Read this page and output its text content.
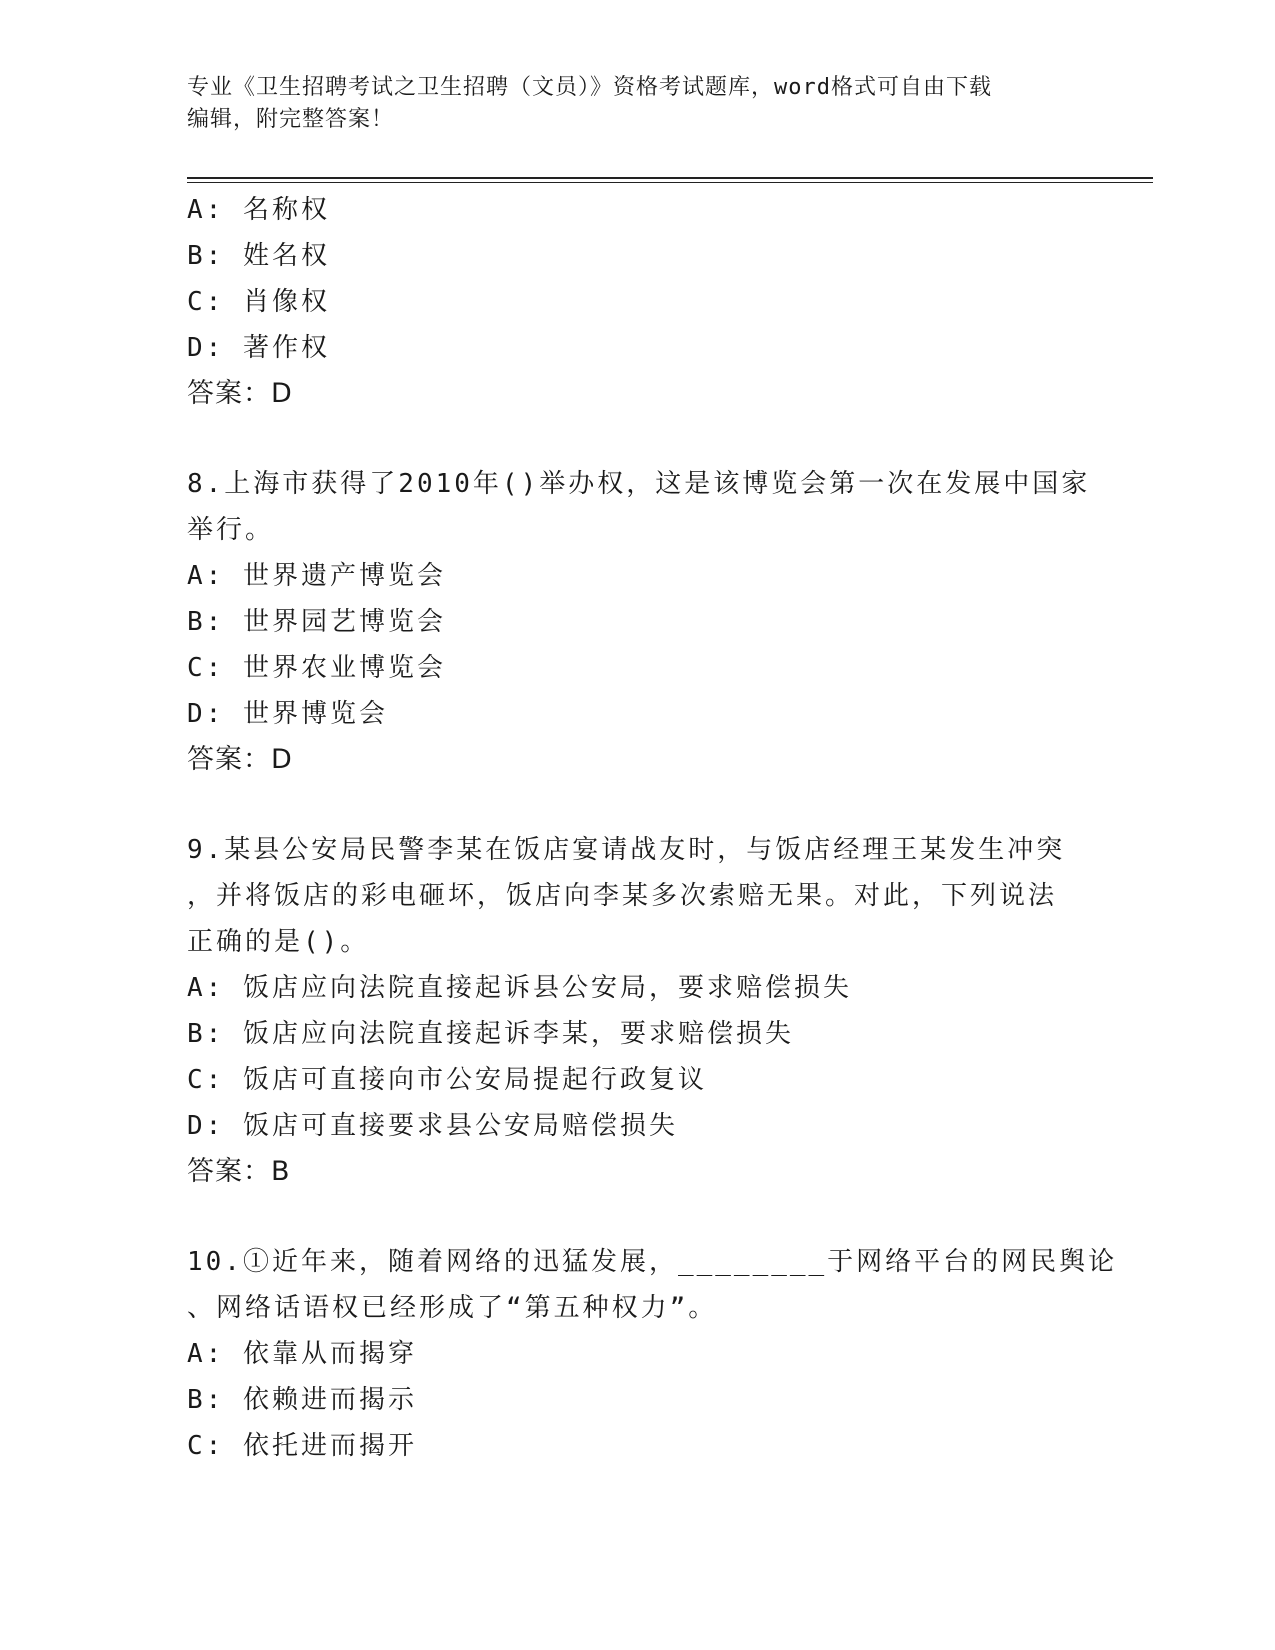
专业《卫生招聘考试之卫生招聘（文员）》资格考试题库，word格式可自由下载
编辑，附完整答案！
A: 名称权
B: 姓名权
C: 肖像权
D: 著作权
答案：D
8.上海市获得了2010年()举办权，这是该博览会第一次在发展中国家
举行。
A: 世界遗产博览会
B: 世界园艺博览会
C: 世界农业博览会
D: 世界博览会
答案：D
9.某县公安局民警李某在饭店宴请战友时，与饭店经理王某发生冲突
，并将饭店的彩电砸坏，饭店向李某多次索赔无果。对此，下列说法
正确的是()。
A: 饭店应向法院直接起诉县公安局，要求赔偿损失
B: 饭店应向法院直接起诉李某，要求赔偿损失
C: 饭店可直接向市公安局提起行政复议
D: 饭店可直接要求县公安局赔偿损失
答案：B
10.①近年来，随着网络的迅猛发展，________于网络平台的网民舆论
、网络话语权已经形成了“第五种权力”。
A: 依靠从而揭穿
B: 依赖进而揭示
C: 依托进而揭开
